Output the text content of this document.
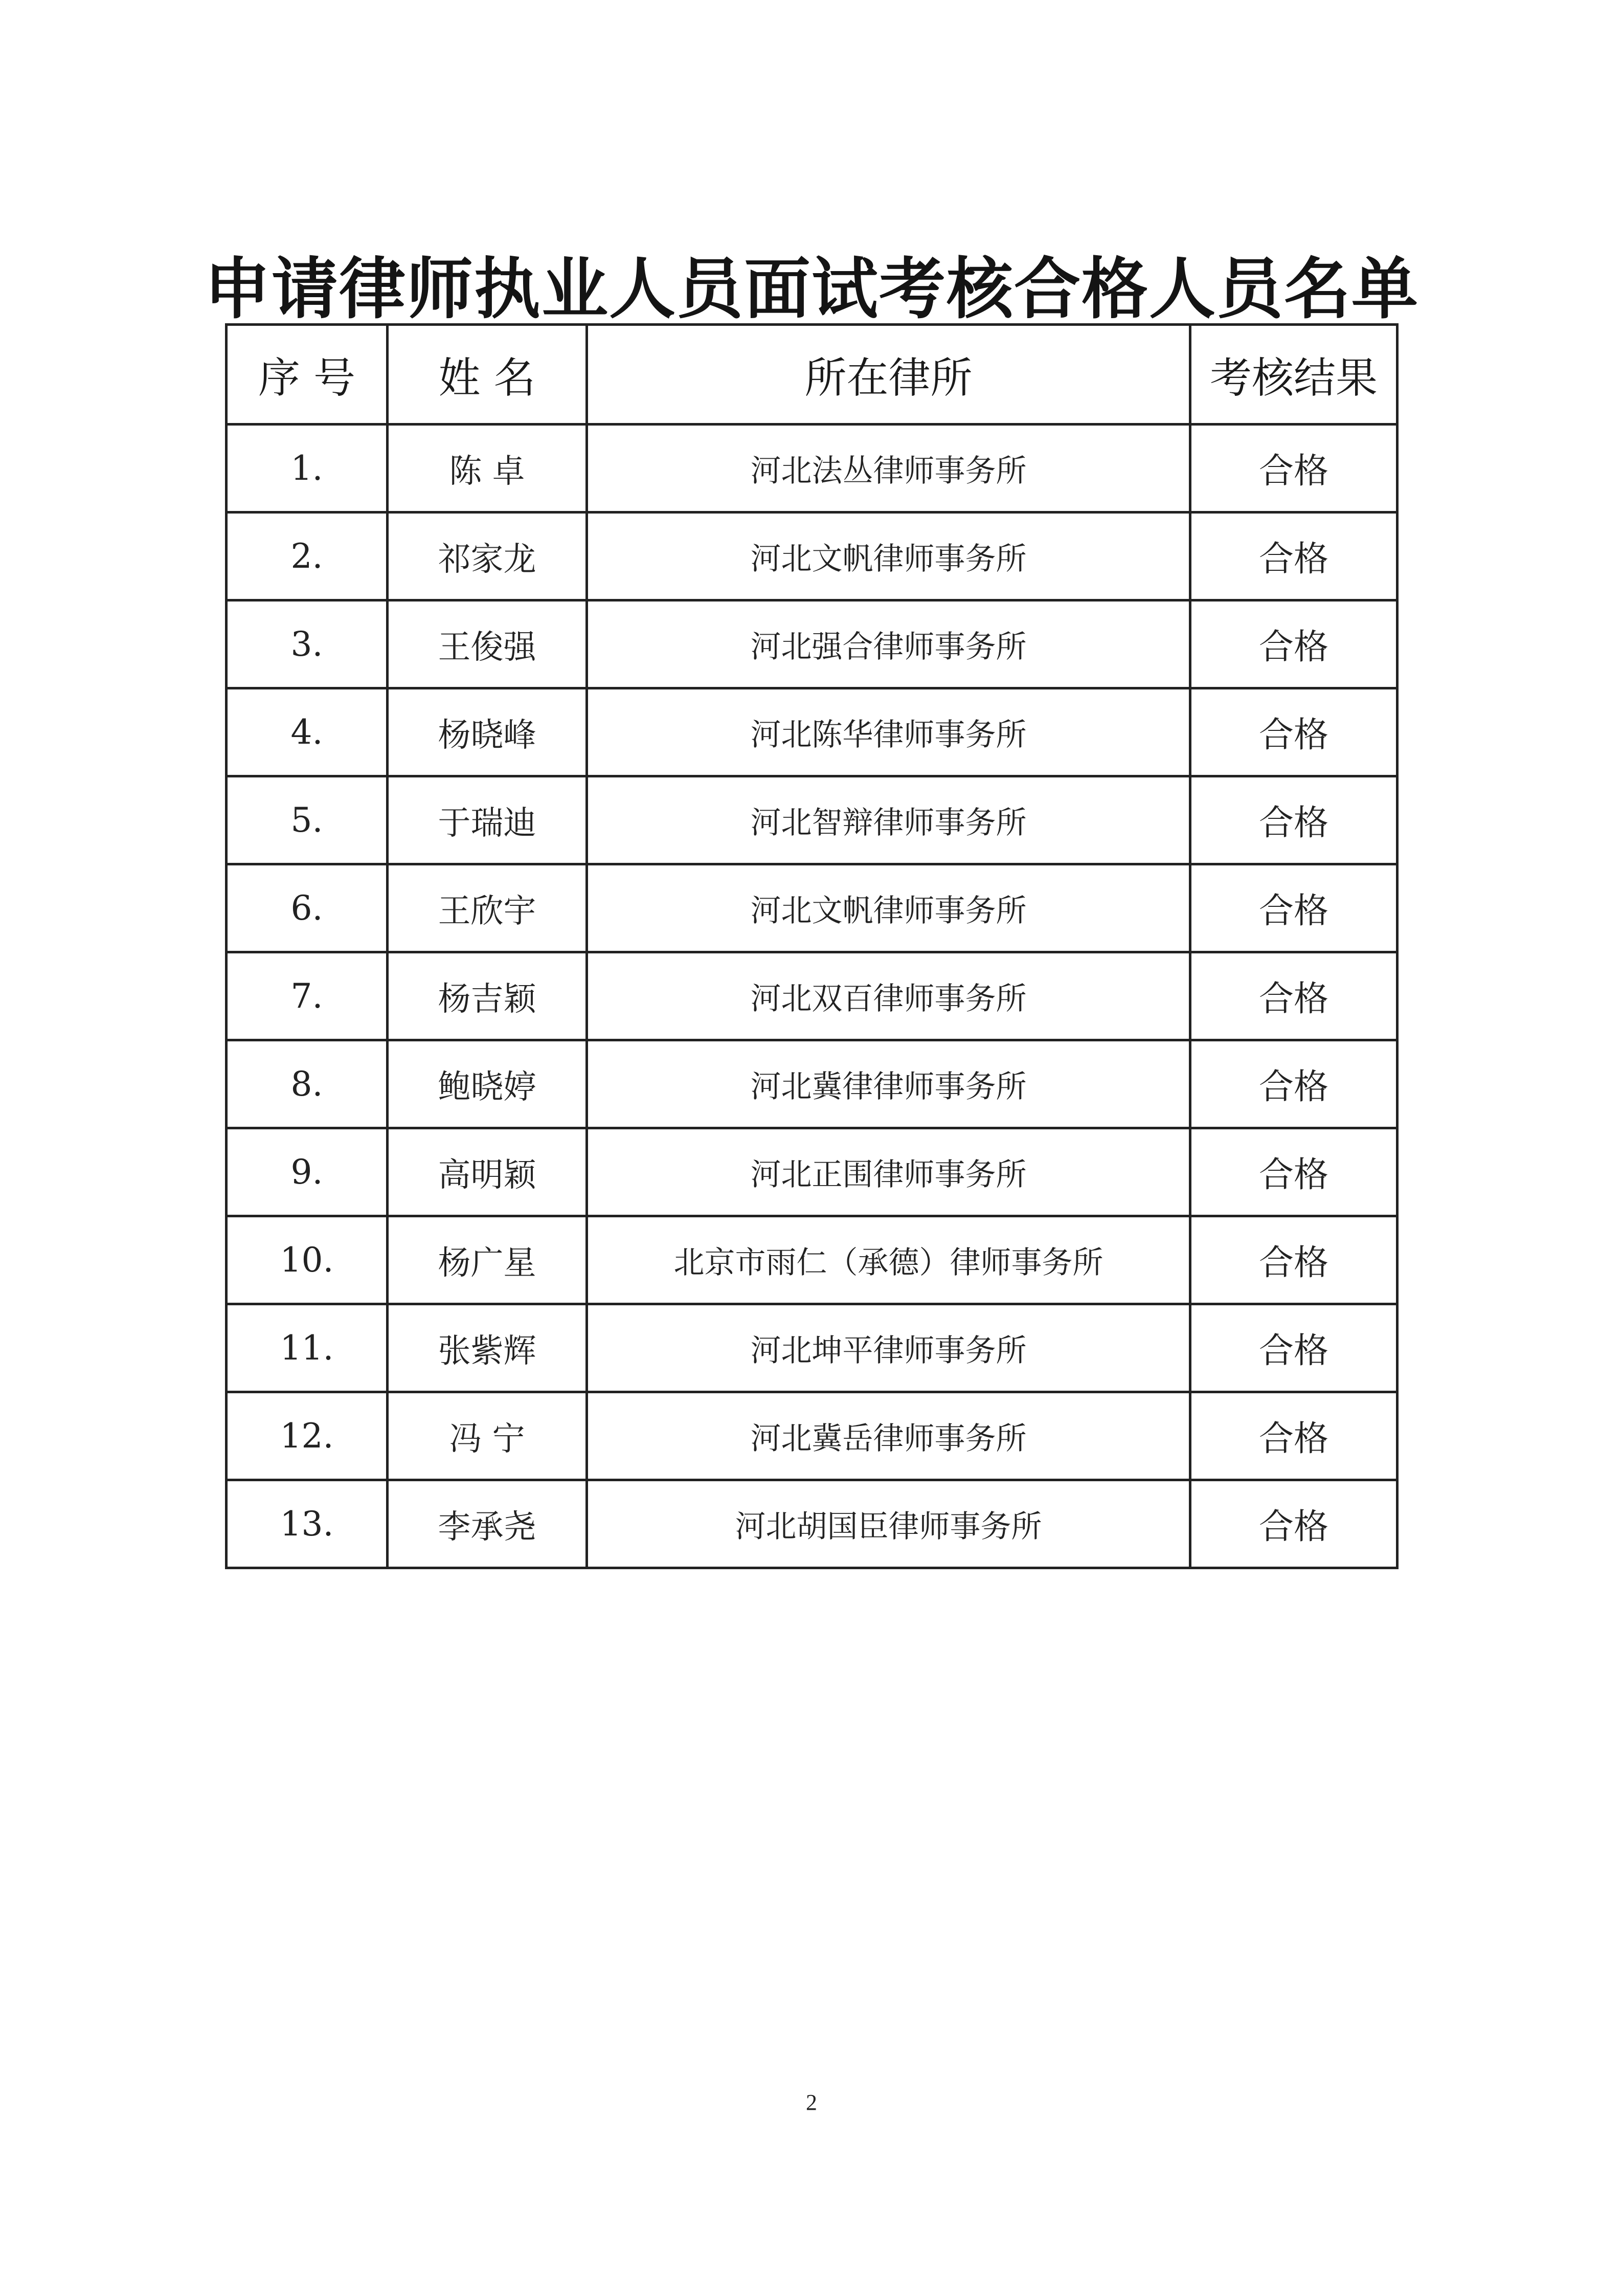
申请律师执业人员面试考核合格人员名单
序 号	姓 名	所在律所	考核结果
1.	陈 卓	河北法丛律师事务所	合格
2.	祁家龙	河北文帆律师事务所	合格
3.	王俊强	河北强合律师事务所	合格
4.	杨晓峰	河北陈华律师事务所	合格
5.	于瑞迪	河北智辩律师事务所	合格
6.	王欣宇	河北文帆律师事务所	合格
7.	杨吉颖	河北双百律师事务所	合格
8.	鲍晓婷	河北冀律律师事务所	合格
9.	高明颖	河北正围律师事务所	合格
10.	杨广星	北京市雨仁（承德）律师事务所	合格
11.	张紫辉	河北坤平律师事务所	合格
12.	冯 宁	河北冀岳律师事务所	合格
13.	李承尧	河北胡国臣律师事务所	合格
2
